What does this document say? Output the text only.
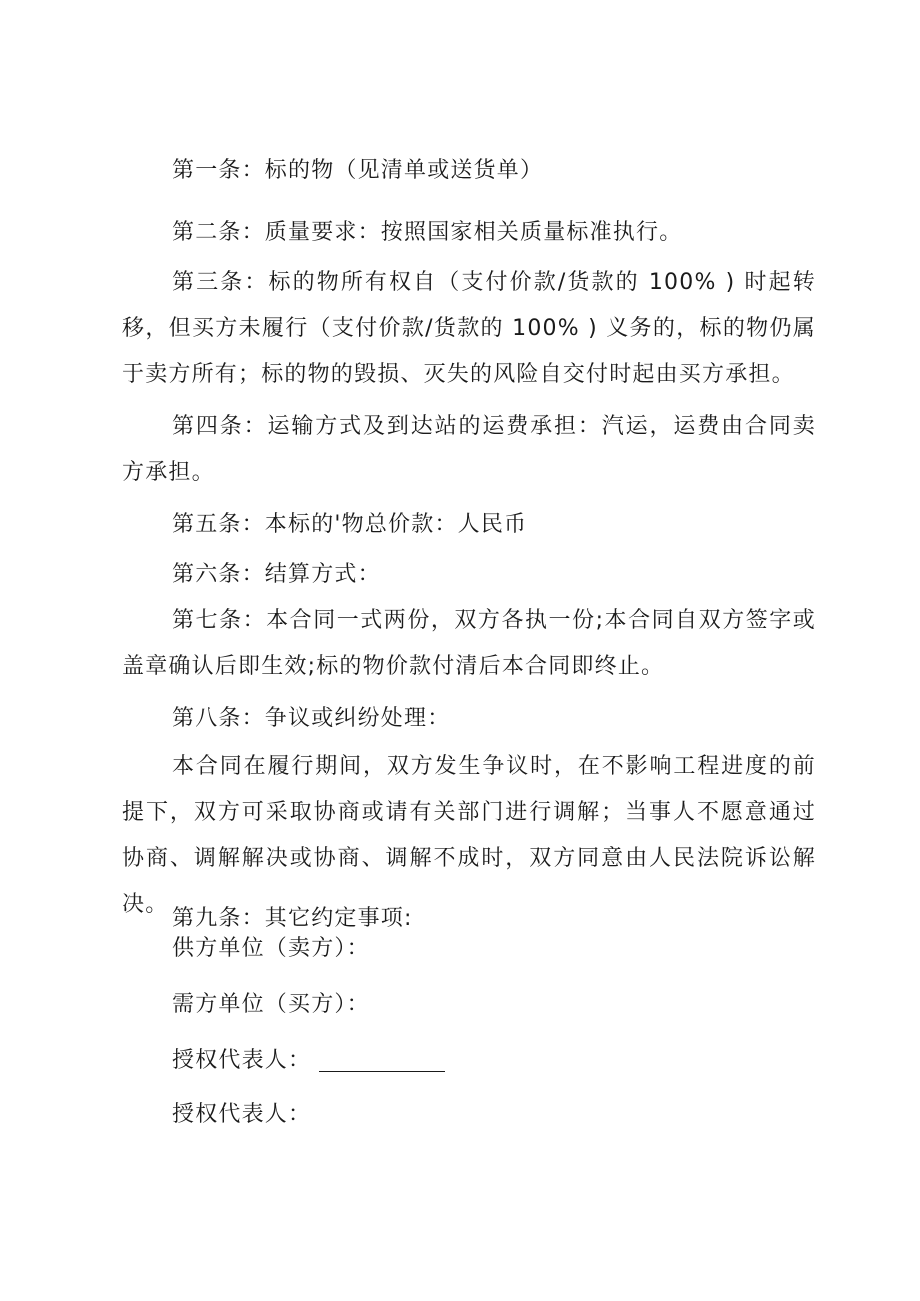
第一条：标的物（见清单或送货单）

第二条：质量要求：按照国家相关质量标准执行。

第三条：标的物所有权自（支付价款/货款的 100% ) 时起转移，但买方未履行（支付价款/货款的 100% ) 义务的，标的物仍属于卖方所有；标的物的毁损、灭失的风险自交付时起由买方承担。

第四条：运输方式及到达站的运费承担：汽运，运费由合同卖方承担。

第五条：本标的'物总价款：人民币

第六条：结算方式：

第七条：本合同一式两份，双方各执一份;本合同自双方签字或盖章确认后即生效;标的物价款付清后本合同即终止。

第八条：争议或纠纷处理：

本合同在履行期间，双方发生争议时，在不影响工程进度的前提下，双方可采取协商或请有关部门进行调解；当事人不愿意通过协商、调解解决或协商、调解不成时，双方同意由人民法院诉讼解决。

第九条：其它约定事项:
供方单位（卖方）：
需方单位（买方）：
授权代表人：
授权代表人：
